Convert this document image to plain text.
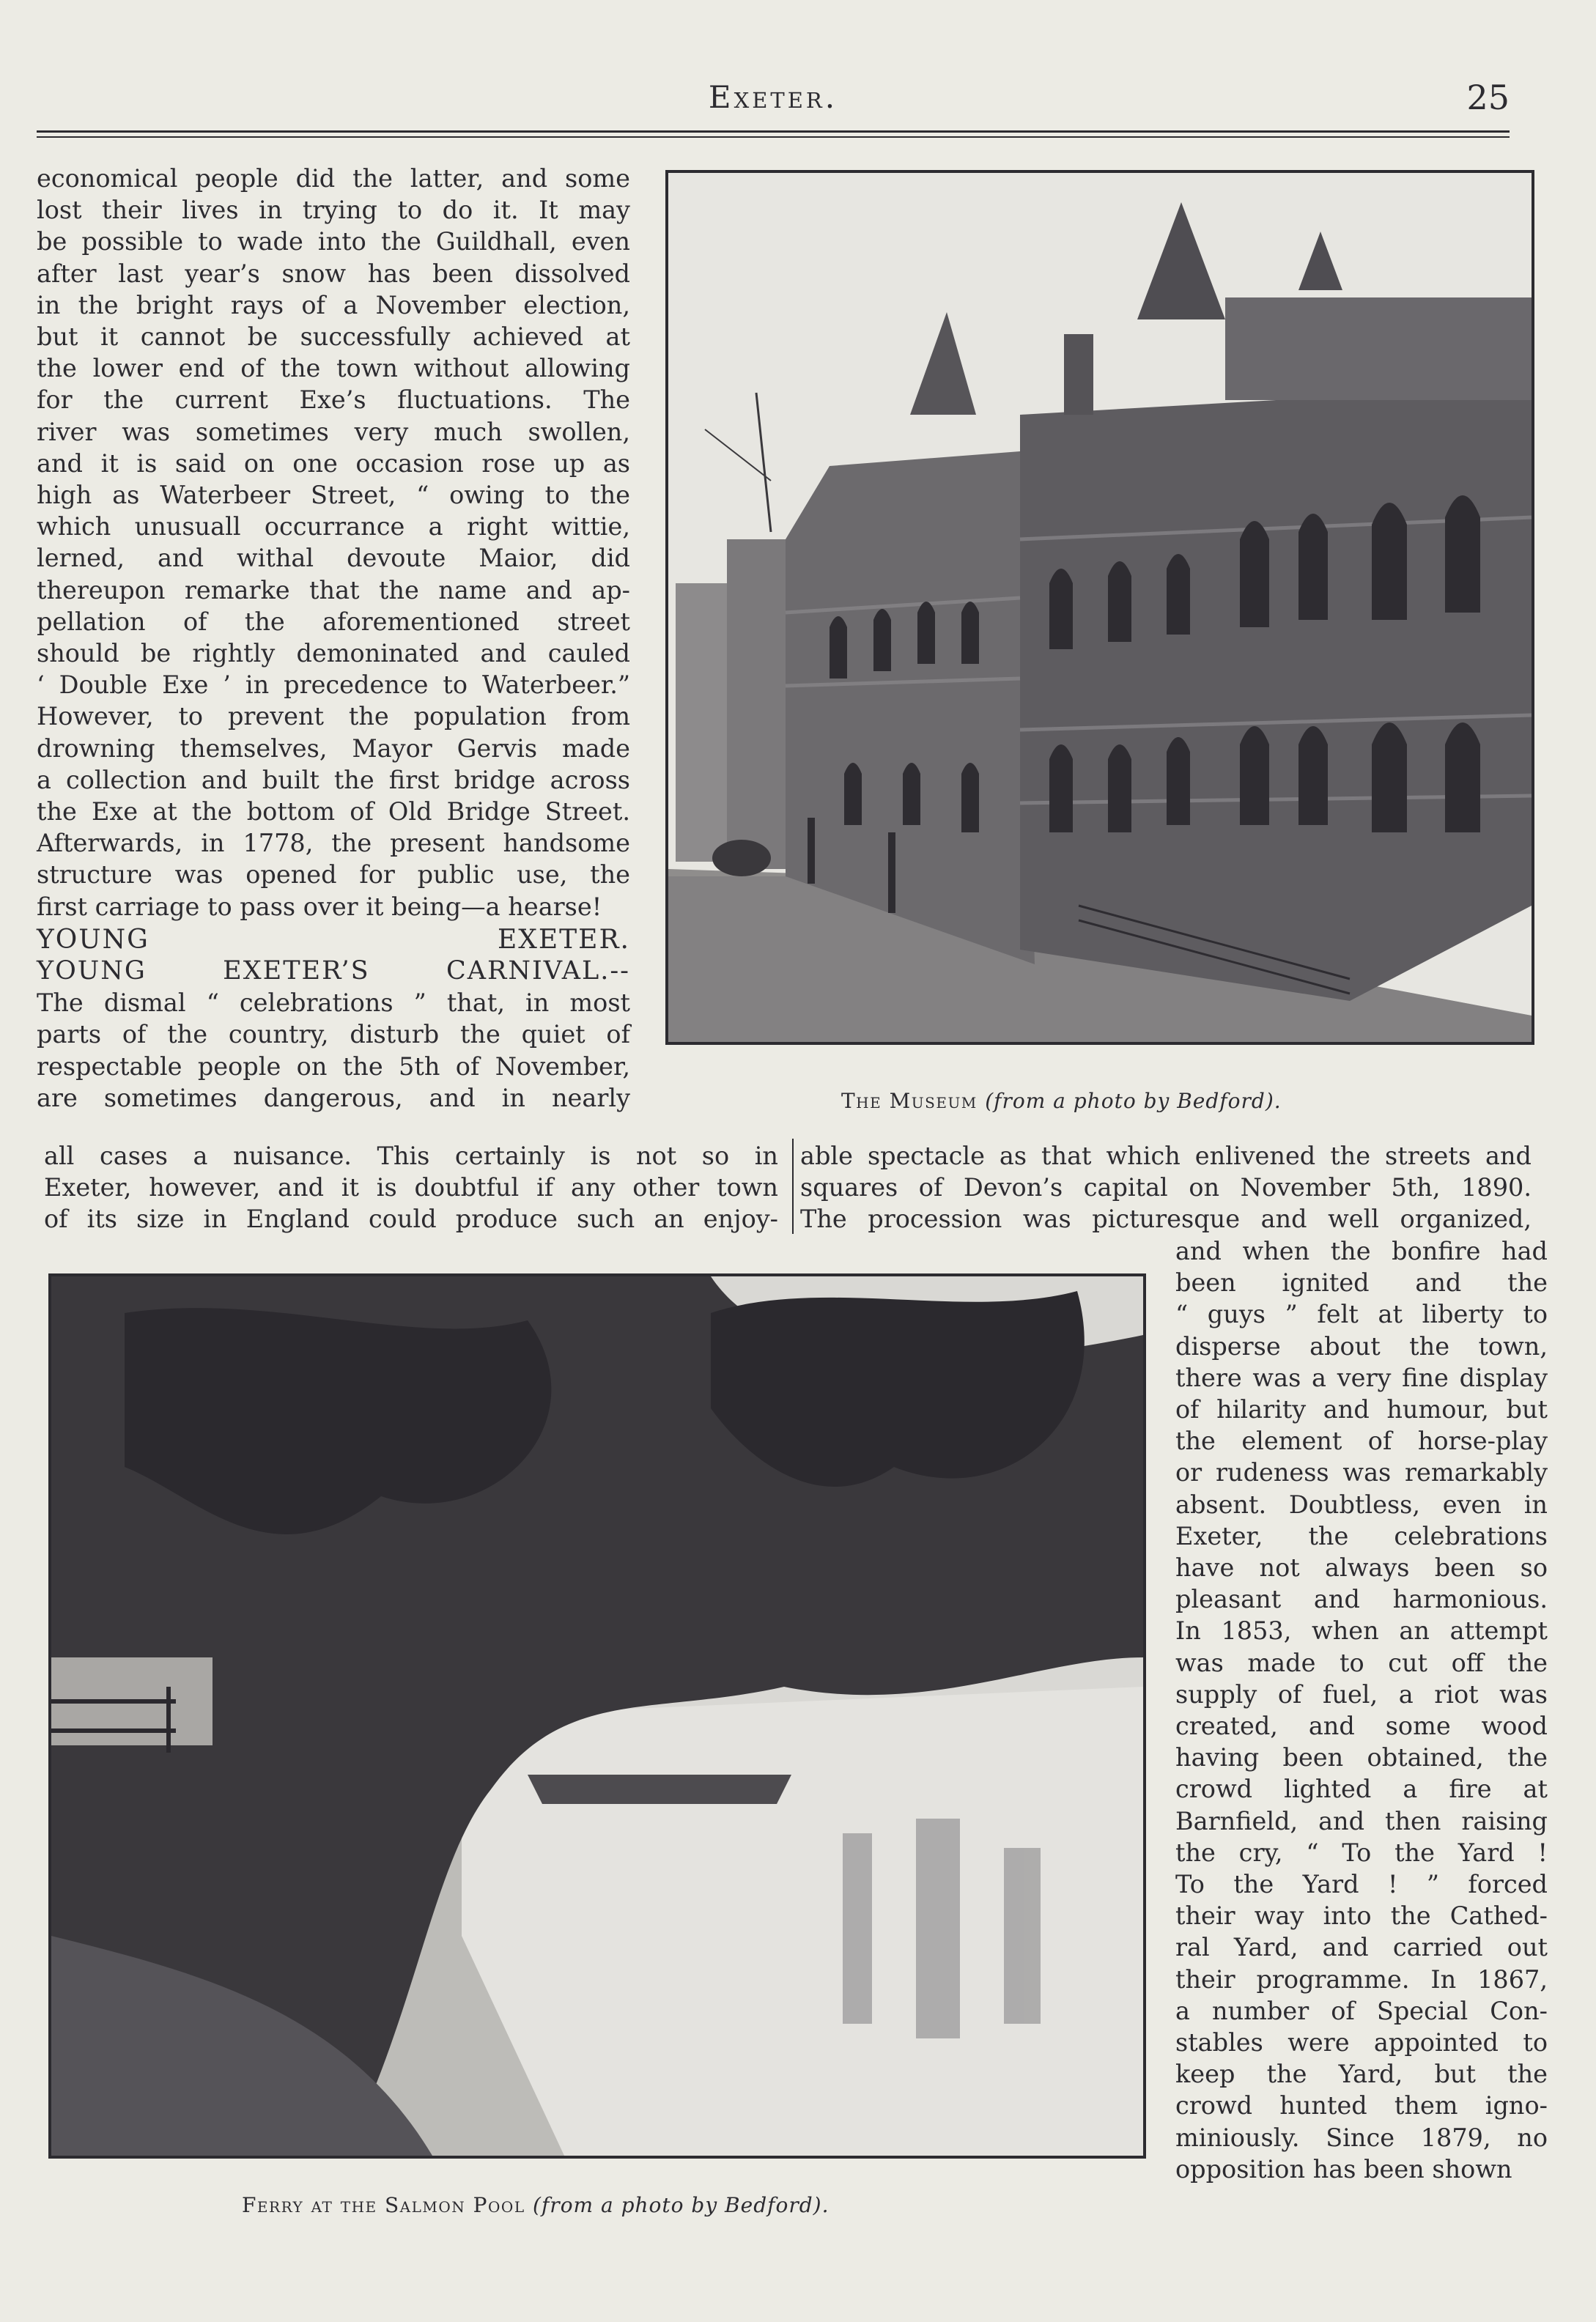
Exeter.	25
economical people did the latter, and some
lost their lives in trying to do it. It may
be possible to wade into the Guildhall, even
after last year’s snow has been dissolved
in the bright rays of a November election,
but it cannot be successfully achieved at
the lower end of the town without allowing
for the current Exe’s fluctuations. The
river was sometimes very much swollen,
and it is said on one occasion rose up as
high as Waterbeer Street, “ owing to the
which unusuall occurrance a right wittie,
lerned, and withal devoute Maior, did
thereupon remarke that the name and ap-
pellation of the aforementioned street
should be rightly demoninated and cauled
‘ Double Exe ’ in precedence to Waterbeer.”
However, to prevent the population from
drowning themselves, Mayor Gervis made
a collection and built the first bridge across
the Exe at the bottom of Old Bridge Street.
Afterwards, in 1778, the present handsome
structure was opened for public use, the
first carriage to pass over it being—a hearse!
YOUNG EXETER.
YOUNG EXETER’S CARNIVAL.--
The dismal “ celebrations ” that, in most
parts of the country, disturb the quiet of
respectable people on the 5th of November,
are sometimes dangerous, and in nearly	The Museum (from a photo by Bedford).
all cases a nuisance. This certainly is not so in
Exeter, however, and it is doubtful if any other town
of its size in England could produce such an enjoy-
able spectacle as that which enlivened the streets and
squares of Devon’s capital on November 5th, 1890.
The procession was picturesque and well organized,
Ferry at the Salmon Pool (from a photo by Bedford).
and when the bonfire had
been ignited and the
“ guys ” felt at liberty to
disperse about the town,
there was a very fine display
of hilarity and humour, but
the element of horse-play
or rudeness was remarkably
absent. Doubtless, even in
Exeter, the celebrations
have not always been so
pleasant and harmonious.
In 1853, when an attempt
was made to cut off the
supply of fuel, a riot was
created, and some wood
having been obtained, the
crowd lighted a fire at
Barnfield, and then raising
the cry, “ To the Yard !
To the Yard ! ” forced
their way into the Cathed-
ral Yard, and carried out
their programme. In 1867,
a number of Special Con-
stables were appointed to
keep the Yard, but the
crowd hunted them igno-
miniously. Since 1879, no
opposition has been shown
